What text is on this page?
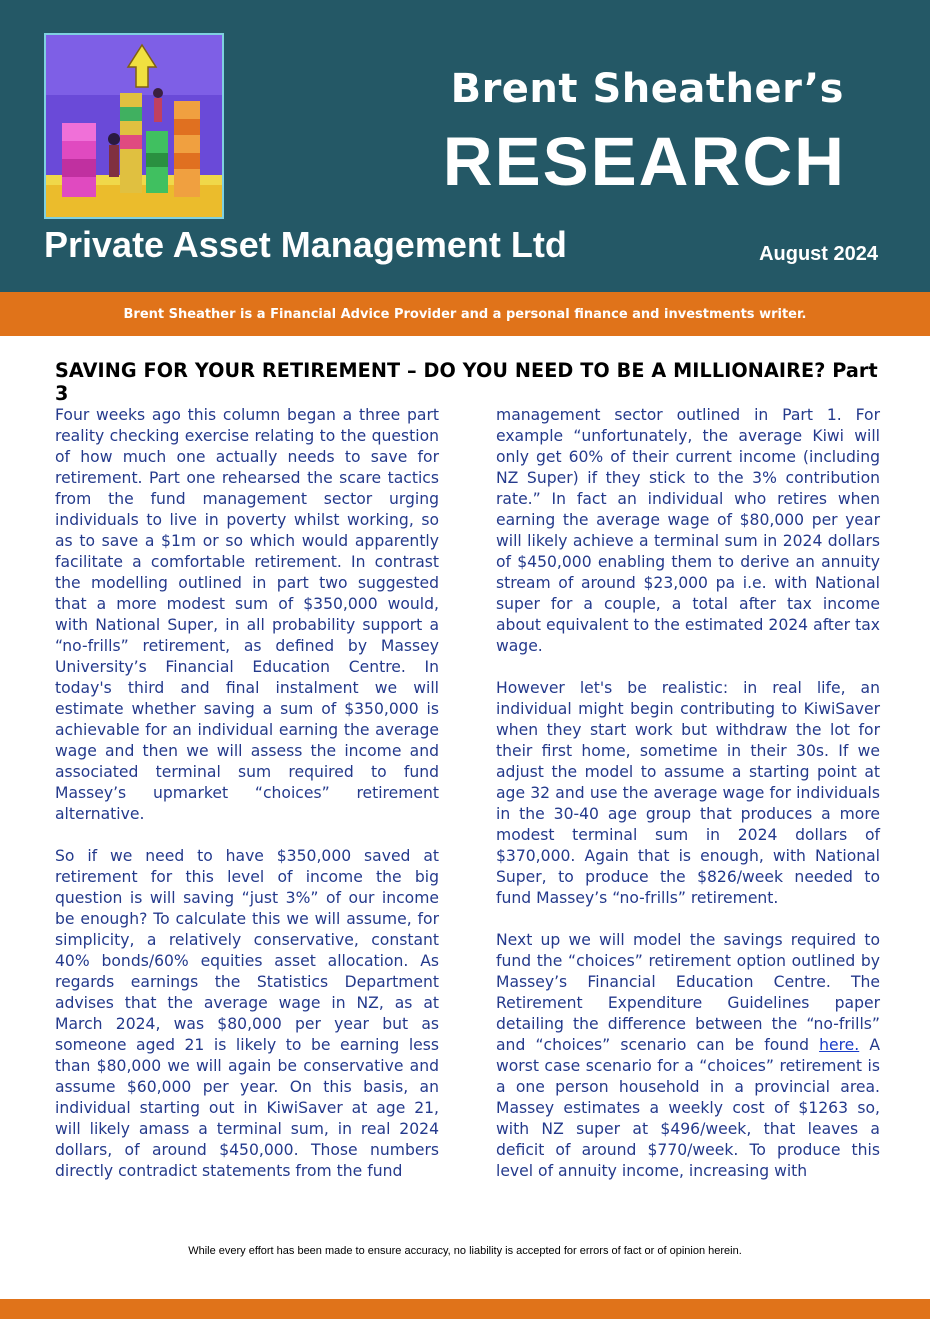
Brent Sheather’s
RESEARCH
Private Asset Management Ltd	August 2024
Brent Sheather is a Financial Advice Provider and a personal finance and investments writer.
SAVING FOR YOUR RETIREMENT – DO YOU NEED TO BE A MILLIONAIRE? Part 3

Four weeks ago this column began a three part reality checking exercise relating to the question of how much one actually needs to save for retirement. Part one rehearsed the scare tactics from the fund management sector urging individuals to live in poverty whilst working, so as to save a $1m or so which would apparently facilitate a comfortable retirement. In contrast the modelling outlined in part two suggested that a more modest sum of $350,000 would, with National Super, in all probability support a “no-frills” retirement, as defined by Massey University’s Financial Education Centre. In today's third and final instalment we will estimate whether saving a sum of $350,000 is achievable for an individual earning the average wage and then we will assess the income and associated terminal sum required to fund Massey’s upmarket “choices” retirement alternative.

So if we need to have $350,000 saved at retirement for this level of income the big question is will saving “just 3%” of our income be enough? To calculate this we will assume, for simplicity, a relatively conservative, constant 40% bonds/60% equities asset allocation. As regards earnings the Statistics Department advises that the average wage in NZ, as at March 2024, was $80,000 per year but as someone aged 21 is likely to be earning less than $80,000 we will again be conservative and assume $60,000 per year. On this basis, an individual starting out in KiwiSaver at age 21, will likely amass a terminal sum, in real 2024 dollars, of around $450,000. Those numbers directly contradict statements from the fund

management sector outlined in Part 1. For example “unfortunately, the average Kiwi will only get 60% of their current income (including NZ Super) if they stick to the 3% contribution rate.” In fact an individual who retires when earning the average wage of $80,000 per year will likely achieve a terminal sum in 2024 dollars of $450,000 enabling them to derive an annuity stream of around $23,000 pa i.e. with National super for a couple, a total after tax income about equivalent to the estimated 2024 after tax wage.

However let's be realistic: in real life, an individual might begin contributing to KiwiSaver when they start work but withdraw the lot for their first home, sometime in their 30s. If we adjust the model to assume a starting point at age 32 and use the average wage for individuals in the 30-40 age group that produces a more modest terminal sum in 2024 dollars of $370,000. Again that is enough, with National Super, to produce the $826/week needed to fund Massey’s “no-frills” retirement.

Next up we will model the savings required to fund the “choices” retirement option outlined by Massey’s Financial Education Centre. The Retirement Expenditure Guidelines paper detailing the difference between the “no-frills” and “choices” scenario can be found here. A worst case scenario for a “choices” retirement is a one person household in a provincial area. Massey estimates a weekly cost of $1263 so, with NZ super at $496/week, that leaves a deficit of around $770/week. To produce this level of annuity income, increasing with

While every effort has been made to ensure accuracy, no liability is accepted for errors of fact or of opinion herein.
